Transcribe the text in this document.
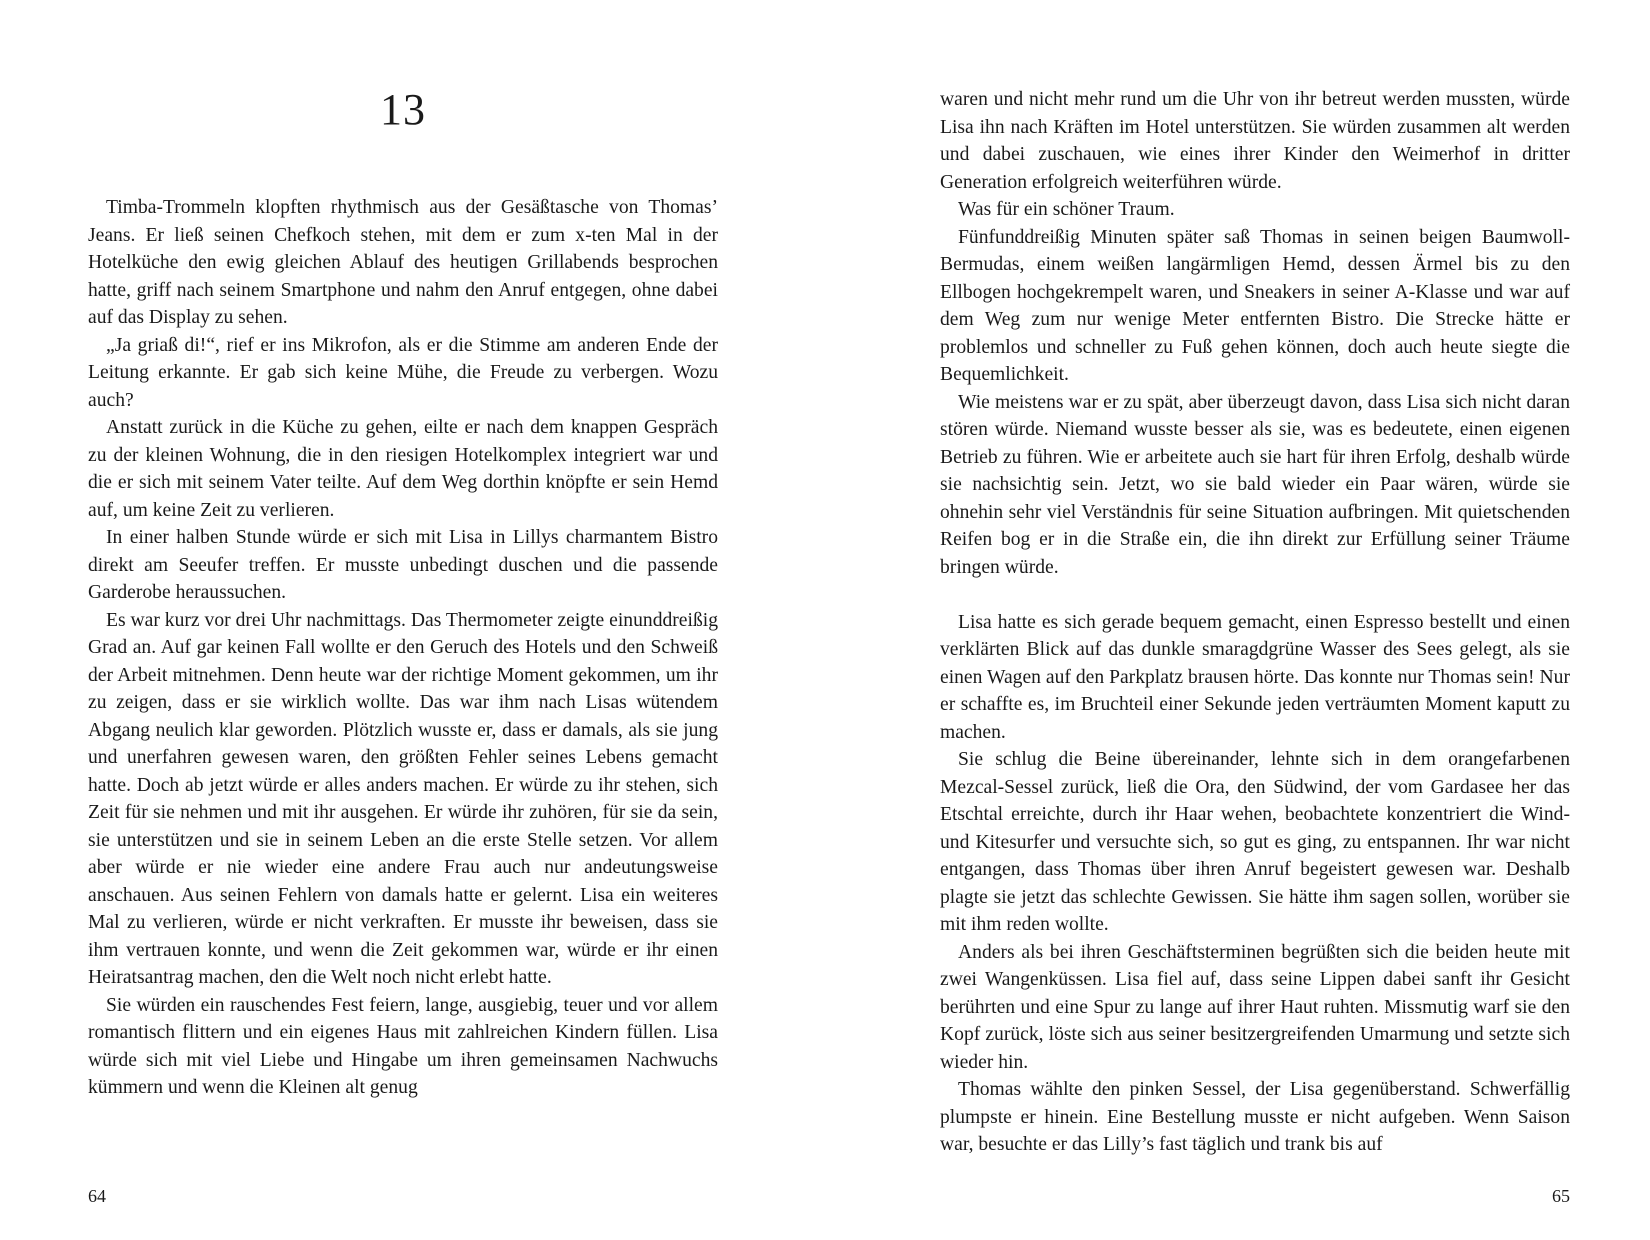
13

Timba-Trommeln klopften rhythmisch aus der Gesäßtasche von Thomas’ Jeans. Er ließ seinen Chefkoch stehen, mit dem er zum x-ten Mal in der Hotelküche den ewig gleichen Ablauf des heutigen Grillabends besprochen hatte, griff nach seinem Smartphone und nahm den Anruf entgegen, ohne dabei auf das Display zu sehen.

„Ja griaß di!“, rief er ins Mikrofon, als er die Stimme am anderen Ende der Leitung erkannte. Er gab sich keine Mühe, die Freude zu verbergen. Wozu auch?

Anstatt zurück in die Küche zu gehen, eilte er nach dem knappen Gespräch zu der kleinen Wohnung, die in den riesigen Hotelkomplex integriert war und die er sich mit seinem Vater teilte. Auf dem Weg dorthin knöpfte er sein Hemd auf, um keine Zeit zu verlieren.

In einer halben Stunde würde er sich mit Lisa in Lillys charmantem Bistro direkt am Seeufer treffen. Er musste unbedingt duschen und die passende Garderobe heraussuchen.

Es war kurz vor drei Uhr nachmittags. Das Thermometer zeigte einunddreißig Grad an. Auf gar keinen Fall wollte er den Geruch des Hotels und den Schweiß der Arbeit mitnehmen. Denn heute war der richtige Moment gekommen, um ihr zu zeigen, dass er sie wirklich wollte. Das war ihm nach Lisas wütendem Abgang neulich klar geworden. Plötzlich wusste er, dass er damals, als sie jung und unerfahren gewesen waren, den größten Fehler seines Lebens gemacht hatte. Doch ab jetzt würde er alles anders machen. Er würde zu ihr stehen, sich Zeit für sie nehmen und mit ihr ausgehen. Er würde ihr zuhören, für sie da sein, sie unterstützen und sie in seinem Leben an die erste Stelle setzen. Vor allem aber würde er nie wieder eine andere Frau auch nur andeutungsweise anschauen. Aus seinen Fehlern von damals hatte er gelernt. Lisa ein weiteres Mal zu verlieren, würde er nicht verkraften. Er musste ihr beweisen, dass sie ihm vertrauen konnte, und wenn die Zeit gekommen war, würde er ihr einen Heiratsantrag machen, den die Welt noch nicht erlebt hatte.

Sie würden ein rauschendes Fest feiern, lange, ausgiebig, teuer und vor allem romantisch flittern und ein eigenes Haus mit zahlreichen Kindern füllen. Lisa würde sich mit viel Liebe und Hingabe um ihren gemeinsamen Nachwuchs kümmern und wenn die Kleinen alt genug

64

waren und nicht mehr rund um die Uhr von ihr betreut werden mussten, würde Lisa ihn nach Kräften im Hotel unterstützen. Sie würden zusammen alt werden und dabei zuschauen, wie eines ihrer Kinder den Weimerhof in dritter Generation erfolgreich weiterführen würde.

Was für ein schöner Traum.

Fünfunddreißig Minuten später saß Thomas in seinen beigen Baumwoll-Bermudas, einem weißen langärmligen Hemd, dessen Ärmel bis zu den Ellbogen hochgekrempelt waren, und Sneakers in seiner A-Klasse und war auf dem Weg zum nur wenige Meter entfernten Bistro. Die Strecke hätte er problemlos und schneller zu Fuß gehen können, doch auch heute siegte die Bequemlichkeit.

Wie meistens war er zu spät, aber überzeugt davon, dass Lisa sich nicht daran stören würde. Niemand wusste besser als sie, was es bedeutete, einen eigenen Betrieb zu führen. Wie er arbeitete auch sie hart für ihren Erfolg, deshalb würde sie nachsichtig sein. Jetzt, wo sie bald wieder ein Paar wären, würde sie ohnehin sehr viel Verständnis für seine Situation aufbringen. Mit quietschenden Reifen bog er in die Straße ein, die ihn direkt zur Erfüllung seiner Träume bringen würde.

Lisa hatte es sich gerade bequem gemacht, einen Espresso bestellt und einen verklärten Blick auf das dunkle smaragdgrüne Wasser des Sees gelegt, als sie einen Wagen auf den Parkplatz brausen hörte. Das konnte nur Thomas sein! Nur er schaffte es, im Bruchteil einer Sekunde jeden verträumten Moment kaputt zu machen.

Sie schlug die Beine übereinander, lehnte sich in dem orangefarbenen Mezcal-Sessel zurück, ließ die Ora, den Südwind, der vom Gardasee her das Etschtal erreichte, durch ihr Haar wehen, beobachtete konzentriert die Wind- und Kitesurfer und versuchte sich, so gut es ging, zu entspannen. Ihr war nicht entgangen, dass Thomas über ihren Anruf begeistert gewesen war. Deshalb plagte sie jetzt das schlechte Gewissen. Sie hätte ihm sagen sollen, worüber sie mit ihm reden wollte.

Anders als bei ihren Geschäftsterminen begrüßten sich die beiden heute mit zwei Wangenküssen. Lisa fiel auf, dass seine Lippen dabei sanft ihr Gesicht berührten und eine Spur zu lange auf ihrer Haut ruhten. Missmutig warf sie den Kopf zurück, löste sich aus seiner besitzergreifenden Umarmung und setzte sich wieder hin.

Thomas wählte den pinken Sessel, der Lisa gegenüberstand. Schwerfällig plumpste er hinein. Eine Bestellung musste er nicht aufgeben. Wenn Saison war, besuchte er das Lilly’s fast täglich und trank bis auf

65
